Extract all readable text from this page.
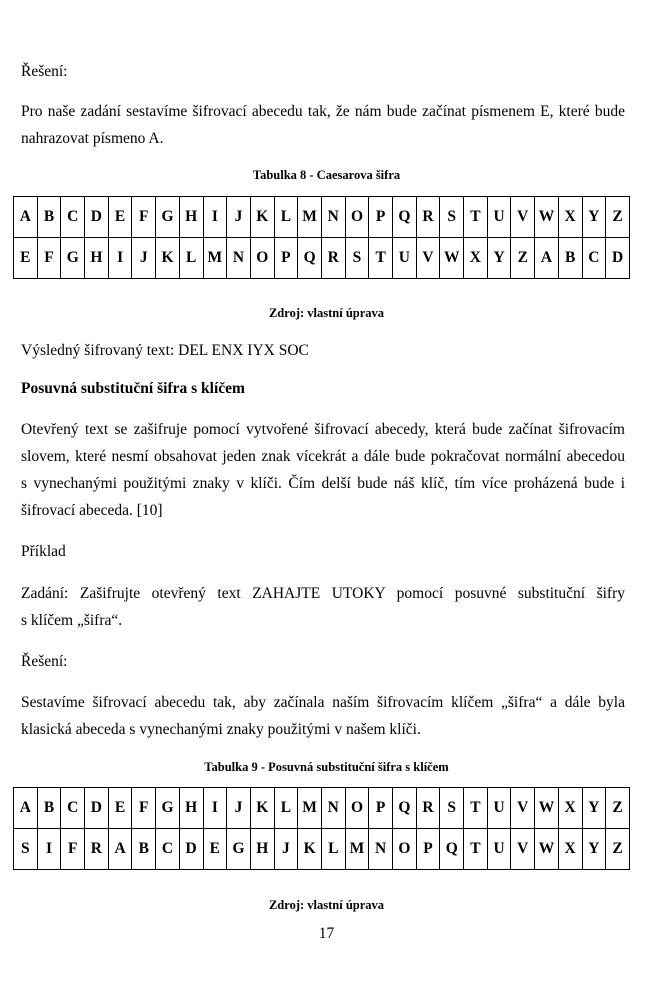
Řešení:

Pro naše zadání sestavíme šifrovací abecedu tak, že nám bude začínat písmenem E, které bude

nahrazovat písmeno A.

Tabulka 8 - Caesarova šifra

A	B	C	D	E	F	G	H	I	J	K	L	M	N	O	P	Q	R	S	T	U	V	W	X	Y	Z
E	F	G	H	I	J	K	L	M	N	O	P	Q	R	S	T	U	V	W	X	Y	Z	A	B	C	D

Zdroj: vlastní úprava

Výsledný šifrovaný text: DEL ENX IYX SOC

Posuvná substituční šifra s klíčem

Otevřený text se zašifruje pomocí vytvořené šifrovací abecedy, která bude začínat šifrovacím

slovem, které nesmí obsahovat jeden znak vícekrát a dále bude pokračovat normální abecedou

s vynechanými použitými znaky v klíči. Čím delší bude náš klíč, tím více proházená bude i

šifrovací abeceda. [10]

Příklad

Zadání: Zašifrujte otevřený text ZAHAJTE UTOKY pomocí posuvné substituční šifry

s klíčem „šifra“.

Řešení:

Sestavíme šifrovací abecedu tak, aby začínala naším šifrovacím klíčem „šifra“ a dále byla

klasická abeceda s vynechanými znaky použitými v našem klíči.

Tabulka 9 - Posuvná substituční šifra s klíčem

A	B	C	D	E	F	G	H	I	J	K	L	M	N	O	P	Q	R	S	T	U	V	W	X	Y	Z
S	I	F	R	A	B	C	D	E	G	H	J	K	L	M	N	O	P	Q	T	U	V	W	X	Y	Z

Zdroj: vlastní úprava

17
